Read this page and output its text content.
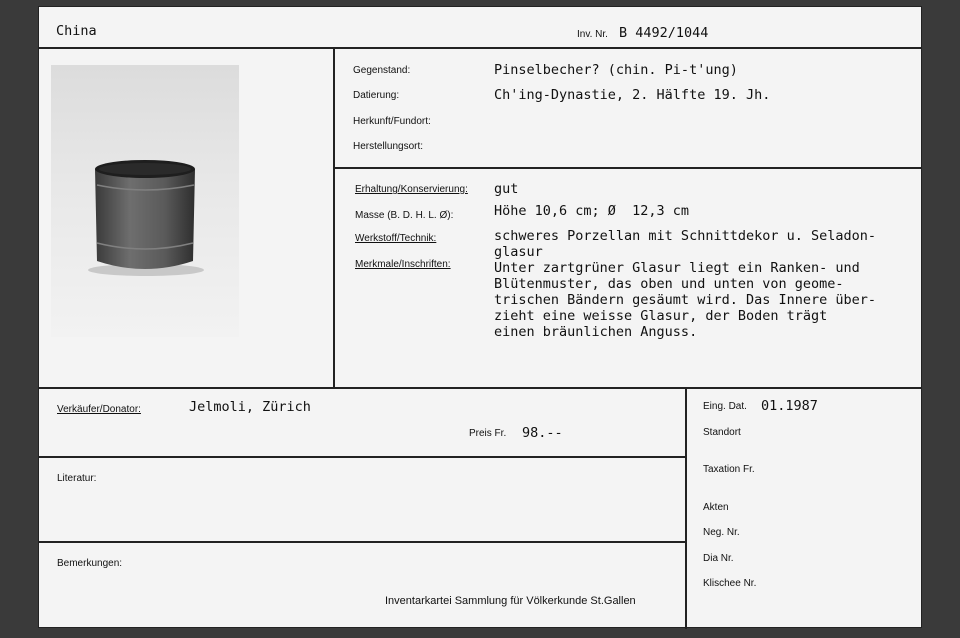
China	Inv. Nr. B 4492/1044
Gegenstand:	Pinselbecher? (chin. Pi-t'ung)
Datierung:	Ch'ing-Dynastie, 2. Hälfte 19. Jh.
Herkunft/Fundort:
Herstellungsort:
Erhaltung/Konservierung: gut
Masse (B. D. H. L. Ø):	Höhe 10,6 cm; Ø  12,3 cm
Werkstoff/Technik:	schweres Porzellan mit Schnittdekor u. Seladon-
glasur
Merkmale/Inschriften:	Unter zartgrüner Glasur liegt ein Ranken- und
Blütenmuster, das oben und unten von geome-
trischen Bändern gesäumt wird. Das Innere über-
zieht eine weisse Glasur, der Boden trägt
einen bräunlichen Anguss.
Verkäufer/Donator:	Jelmoli, Zürich
Preis Fr. 98.--
Literatur:
Bemerkungen:
Inventarkartei Sammlung für Völkerkunde St.Gallen
Eing. Dat. 01.1987
Standort
Taxation Fr.
Akten
Neg. Nr.
Dia Nr.
Klischee Nr.
